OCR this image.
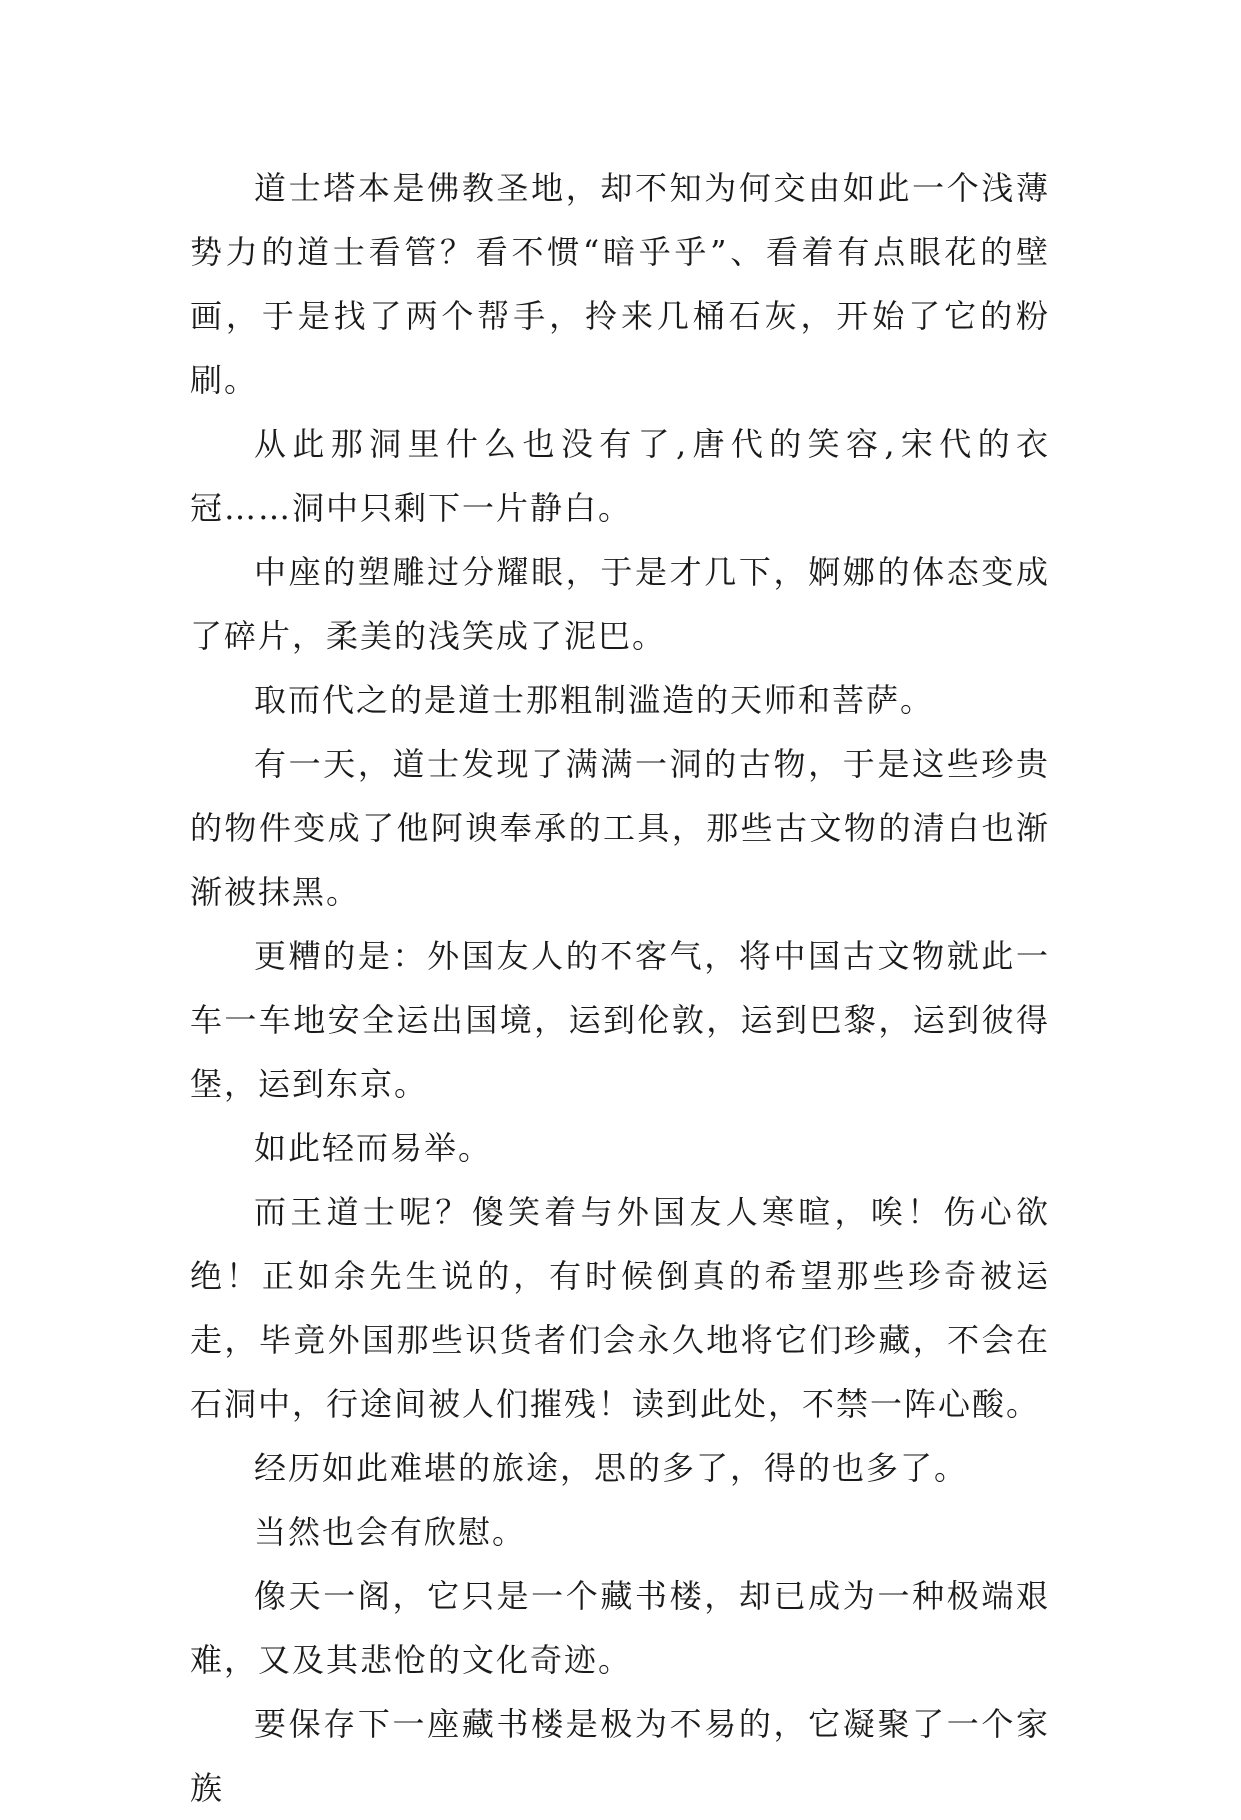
道士塔本是佛教圣地，却不知为何交由如此一个浅薄势力的道士看管？看不惯“暗乎乎”、看着有点眼花的壁画，于是找了两个帮手，拎来几桶石灰，开始了它的粉刷。

从此那洞里什么也没有了,唐代的笑容,宋代的衣冠……洞中只剩下一片静白。

中座的塑雕过分耀眼，于是才几下，婀娜的体态变成了碎片，柔美的浅笑成了泥巴。

取而代之的是道士那粗制滥造的天师和菩萨。

有一天，道士发现了满满一洞的古物，于是这些珍贵的物件变成了他阿谀奉承的工具，那些古文物的清白也渐渐被抹黑。

更糟的是：外国友人的不客气，将中国古文物就此一车一车地安全运出国境，运到伦敦，运到巴黎，运到彼得堡，运到东京。

如此轻而易举。

而王道士呢？傻笑着与外国友人寒暄，唉！伤心欲绝！正如余先生说的，有时候倒真的希望那些珍奇被运走，毕竟外国那些识货者们会永久地将它们珍藏，不会在石洞中，行途间被人们摧残！读到此处，不禁一阵心酸。

经历如此难堪的旅途，思的多了，得的也多了。

当然也会有欣慰。

像天一阁，它只是一个藏书楼，却已成为一种极端艰难，又及其悲怆的文化奇迹。

要保存下一座藏书楼是极为不易的，它凝聚了一个家族
